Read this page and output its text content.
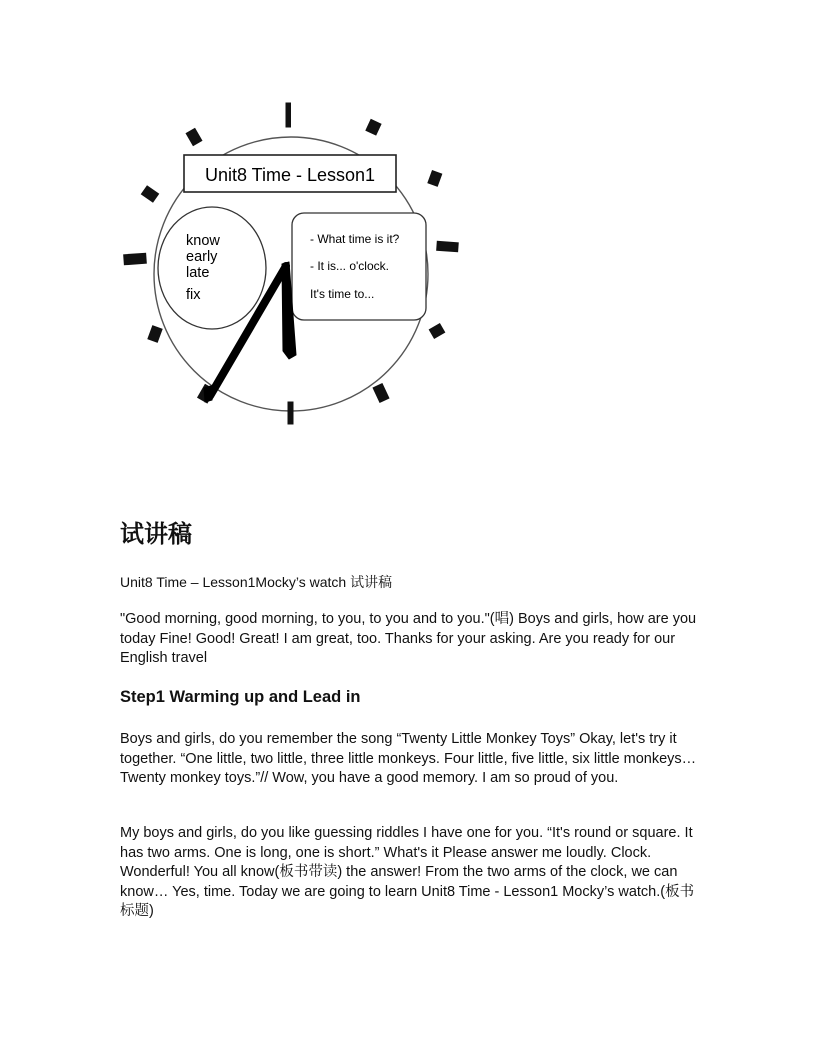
Unit8 Time - Lesson1
know
early
late
fix
- What time is it?
- It is... o'clock.
It's time to...
试讲稿
Unit8 Time – Lesson1Mocky’s watch 试讲稿

"Good morning, good morning, to you, to you and to you."(唱) Boys and girls, how are you today Fine! Good! Great! I am great, too. Thanks for your asking. Are you ready for our English travel

Step1 Warming up and Lead in

Boys and girls, do you remember the song “Twenty Little Monkey Toys” Okay, let's try it together. “One little, two little, three little monkeys. Four little, five little, six little monkeys… Twenty monkey toys.”// Wow, you have a good memory. I am so proud of you.

My boys and girls, do you like guessing riddles I have one for you. “It's round or square. It has two arms. One is long, one is short.” What's it Please answer me loudly. Clock. Wonderful! You all know(板书带读) the answer! From the two arms of the clock, we can know… Yes, time. Today we are going to learn Unit8 Time - Lesson1 Mocky’s watch.(板书标题)
